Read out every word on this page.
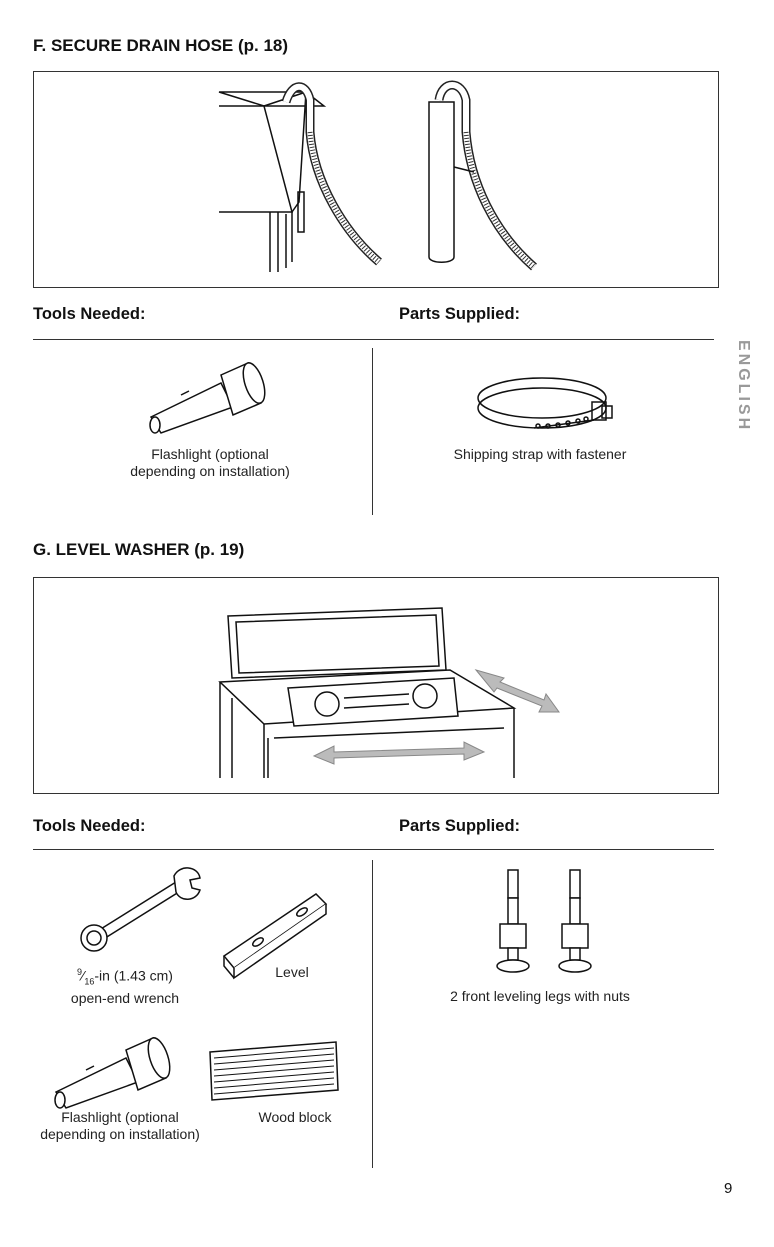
F. SECURE DRAIN HOSE (p. 18)
Tools Needed:	Parts Supplied:
Flashlight (optional
depending on installation)
Shipping strap with fastener
G. LEVEL WASHER (p. 19)
Tools Needed:	Parts Supplied:
$^9⁄_{16}-in$ (1.43 cm)
open-end wrench
Level
Flashlight (optional
depending on installation)
Wood block
2 front leveling legs with nuts
ENGLISH
9
